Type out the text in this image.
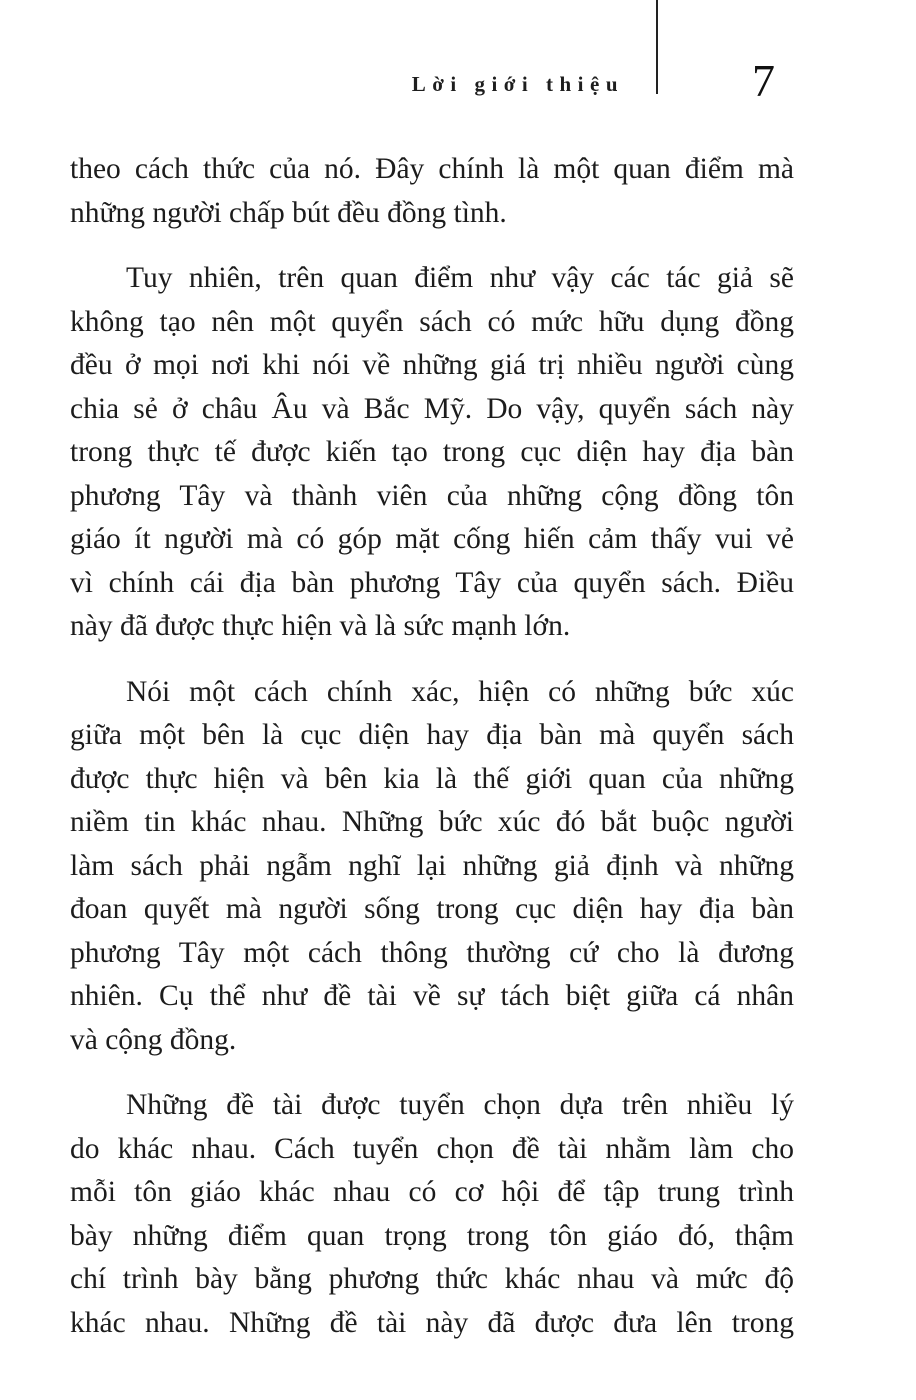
Lời giới thiệu	7
theo cách thức của nó. Đây chính là một quan điểm mà
những người chấp bút đều đồng tình.
Tuy nhiên, trên quan điểm như vậy các tác giả sẽ
không tạo nên một quyển sách có mức hữu dụng đồng
đều ở mọi nơi khi nói về những giá trị nhiều người cùng
chia sẻ ở châu Âu và Bắc Mỹ. Do vậy, quyển sách này
trong thực tế được kiến tạo trong cục diện hay địa bàn
phương Tây và thành viên của những cộng đồng tôn
giáo ít người mà có góp mặt cống hiến cảm thấy vui vẻ
vì chính cái địa bàn phương Tây của quyển sách. Điều
này đã được thực hiện và là sức mạnh lớn.
Nói một cách chính xác, hiện có những bức xúc
giữa một bên là cục diện hay địa bàn mà quyển sách
được thực hiện và bên kia là thế giới quan của những
niềm tin khác nhau. Những bức xúc đó bắt buộc người
làm sách phải ngẫm nghĩ lại những giả định và những
đoan quyết mà người sống trong cục diện hay địa bàn
phương Tây một cách thông thường cứ cho là đương
nhiên. Cụ thể như đề tài về sự tách biệt giữa cá nhân
và cộng đồng.
Những đề tài được tuyển chọn dựa trên nhiều lý
do khác nhau. Cách tuyển chọn đề tài nhằm làm cho
mỗi tôn giáo khác nhau có cơ hội để tập trung trình
bày những điểm quan trọng trong tôn giáo đó, thậm
chí trình bày bằng phương thức khác nhau và mức độ
khác nhau. Những đề tài này đã được đưa lên trong
